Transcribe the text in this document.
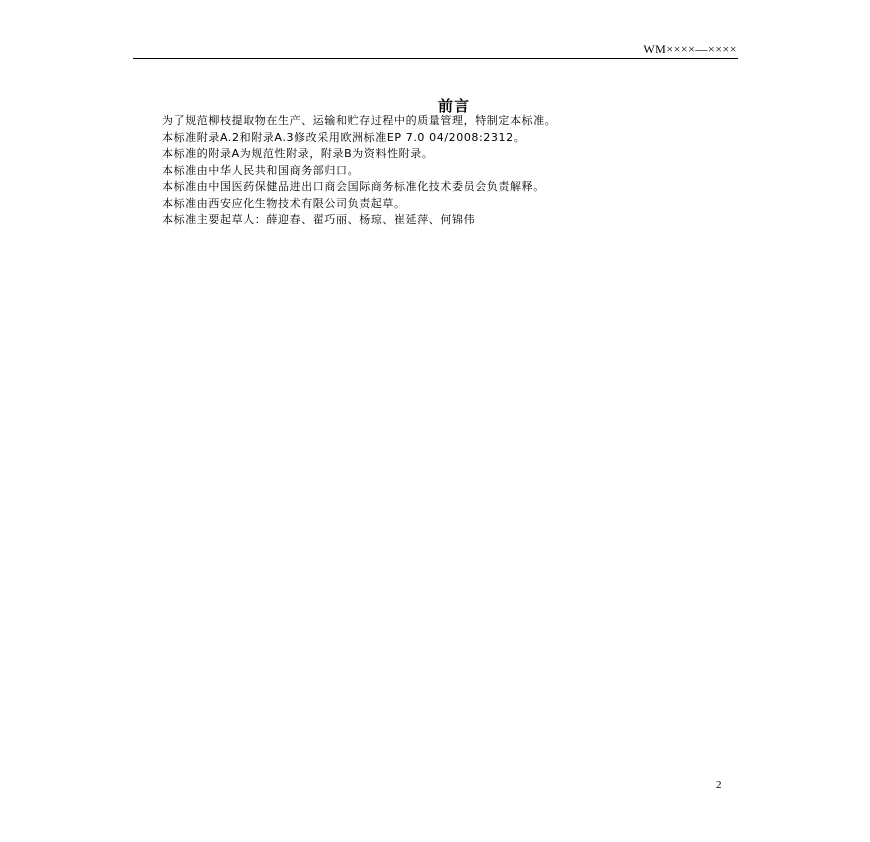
WM××××—××××
前言
为了规范柳枝提取物在生产、运输和贮存过程中的质量管理，特制定本标准。
本标准附录A.2和附录A.3修改采用欧洲标准EP 7.0 04/2008:2312。
本标准的附录A为规范性附录，附录B为资料性附录。
本标准由中华人民共和国商务部归口。
本标准由中国医药保健品进出口商会国际商务标准化技术委员会负责解释。
本标准由西安应化生物技术有限公司负责起草。
本标准主要起草人：薛迎春、翟巧丽、杨琼、崔延萍、何锦伟
2
